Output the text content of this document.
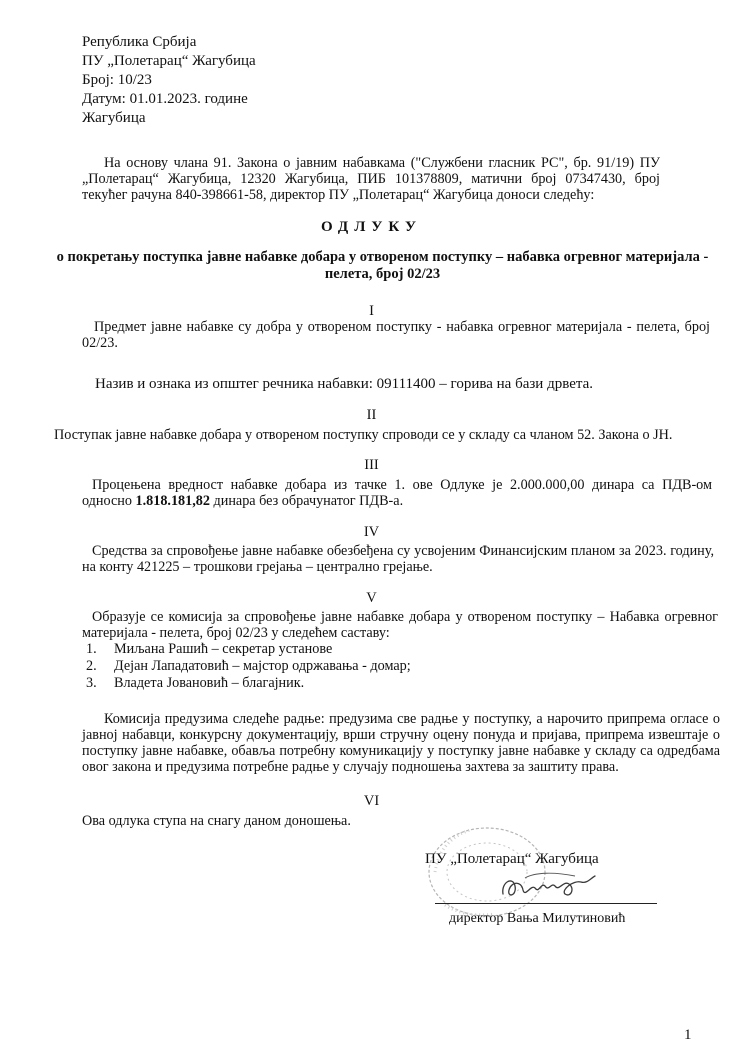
Република Србија
ПУ „Полетарац“ Жагубица
Број: 10/23
Датум: 01.01.2023. године
Жагубица

На основу члана 91. Закона о јавним набавкама ("Службени гласник РС", бр. 91/19) ПУ „Полетарац“ Жагубица, 12320 Жагубица, ПИБ 101378809, матични број 07347430, број текућег рачуна 840-398661-58, директор ПУ „Полетарац“ Жагубица доноси следећу:

ОДЛУКУ
о покретању поступка јавне набавке добара у отвореном поступку – набавка огревног материјала - пелета, број 02/23
I

Предмет јавне набавке су добра у отвореном поступку - набавка огревног материјала - пелета, број 02/23.

Назив и ознака из општег речника набавки: 09111400 – горива на бази дрвета.

II

Поступак јавне набавке добара у отвореном поступку спроводи се у складу са чланом 52. Закона о ЈН.

III

Процењена вредност набавке добара из тачке 1. ове Одлуке је 2.000.000,00 динара са ПДВ-ом односно 1.818.181,82 динара без обрачунатог ПДВ-а.

IV

Средства за спровођење јавне набавке обезбеђена су усвојеним Финансијским планом за 2023. годину, на конту 421225 – трошкови грејања – централно грејање.

V

Образује се комисија за спровођење јавне набавке добара у отвореном поступку – Набавка огревног материјала - пелета, број 02/23 у следећем саставу:

1. Миљана Рашић – секретар установе
2. Дејан Лападатовић – мајстор одржавања - домар;
3. Владета Јовановић – благајник.

Комисија предузима следеће радње: предузима све радње у поступку, а нарочито припрема огласе о јавној набавци, конкурсну документацију, врши стручну оцену понуда и пријава, припрема извештаје о поступку јавне набавке, обавља потребну комуникацију у поступку јавне набавке у складу са одредбама овог закона и предузима потребне радње у случају подношења захтева за заштиту права.

VI

Ова одлука ступа на снагу даном доношења.

ПУ „Полетарац“ Жагубица
директор Вања Милутиновић
1
